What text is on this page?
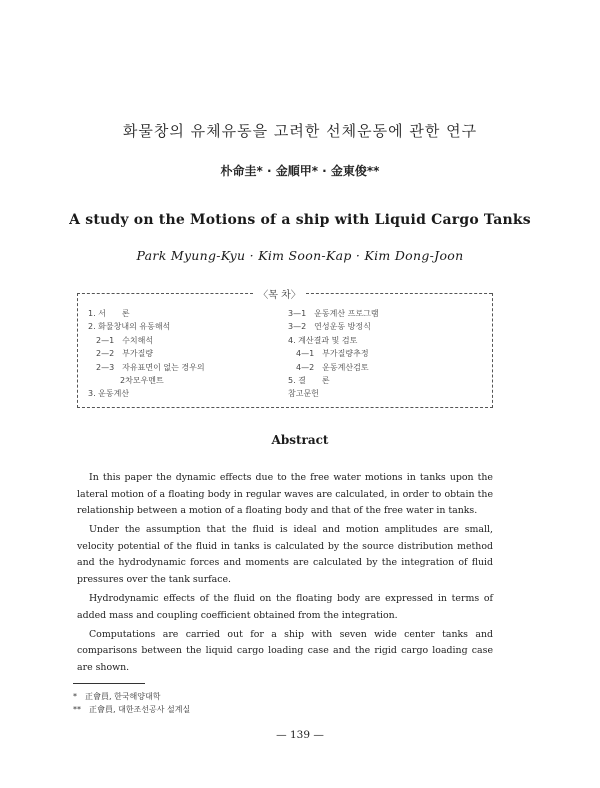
화물창의 유체유동을 고려한 선체운동에 관한 연구
朴命圭* · 金順甲* · 金東俊**
A study on the Motions of a ship with Liquid Cargo Tanks
Park Myung-Kyu · Kim Soon-Kap · Kim Dong-Joon
〈목 차〉
1. 서　　론
2. 화물창내의 유동해석
　2—1　수치해석
　2—2　부가질량
　2—3　자유표면이 없는 경우의
　　　　2차모우멘트
3. 운동계산
3—1　운동계산 프로그램
3—2　연성운동 방정식
4. 계산결과 및 검토
　4—1　부가질량추정
　4—2　운동계산검토
5. 결　　론
참고문헌
Abstract

In this paper the dynamic effects due to the free water motions in tanks upon the lateral motion of a floating body in regular waves are calculated, in order to obtain the relationship between a motion of a floating body and that of the free water in tanks.

Under the assumption that the fluid is ideal and motion amplitudes are small, velocity potential of the fluid in tanks is calculated by the source distribution method and the hydrodynamic forces and moments are calculated by the integration of fluid pressures over the tank surface.

Hydrodynamic effects of the fluid on the floating body are expressed in terms of added mass and coupling coefficient obtained from the integration.

Computations are carried out for a ship with seven wide center tanks and comparisons between the liquid cargo loading case and the rigid cargo loading case are shown.

*　正會員, 한국해양대학
**　正會員, 대한조선공사 설계실
— 139 —
